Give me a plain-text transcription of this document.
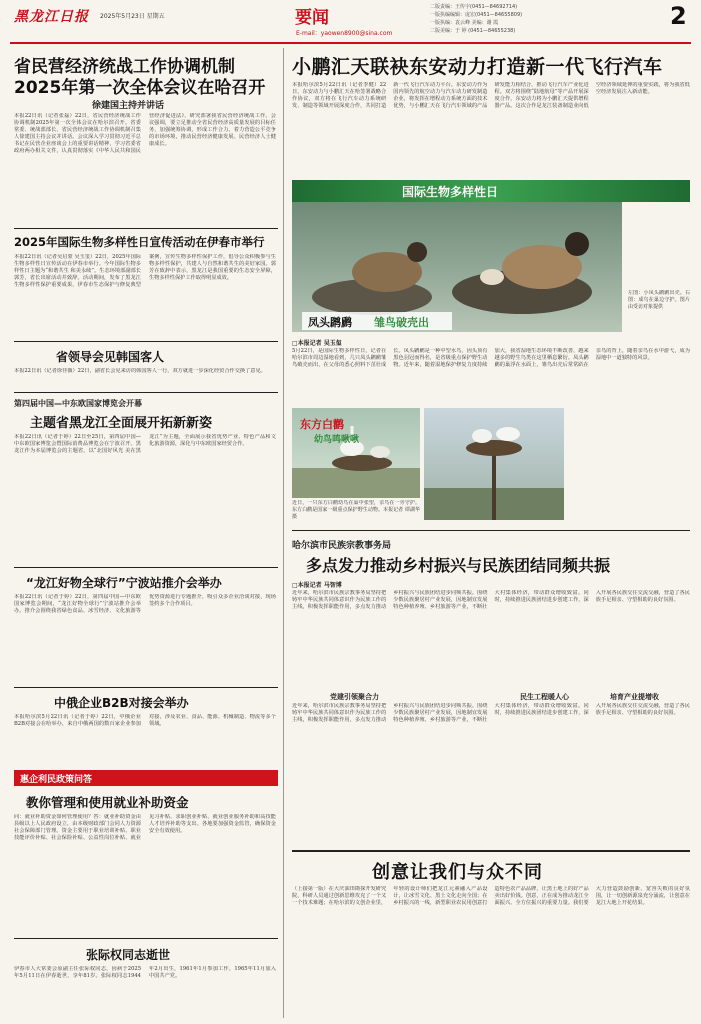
黑龙江日报 2025年5月23日 星期五	要闻
E-mail：yaowen8900@sina.com
二版责编：王传宇(0451—84692714)
一版执编编辑：庞宏(0451—84655809)
一版执编：袁云峰 美编：谢 霞
二版美编：于 婷 (0451—84655238)
2
省民营经济统战工作协调机制
2025年第一次全体会议在哈召开
徐建国主持并讲话
本报22日讯（记者张磊）22日，省民营经济统战工作协调机制2025年第一次全体会议在哈尔滨召开。省委常委、统战部部长、省民营经济统战工作协调机制召集人徐建国主持会议并讲话。会议深入学习贯彻习近平总书记在民营企业座谈会上的重要讲话精神，学习省委省政府两办相关文件，认真贯彻落实《中华人民共和国民营经济促进法》，研究部署我省民营经济统战工作。会议强调，要立足推动全省民营经济高质量发展的目标任务，加强统筹协调，形成工作合力，着力营造公平竞争的市场环境，推动民营经济健康发展、民营经济人士健康成长。
2025年国际生物多样性日宣传活动在伊春市举行
本报22日讯（记者吴启蒙 吴玉玺）22日，2025年国际生物多样性日宣传活动在伊春市举行。今年国际生物多样性日主题为“和谐共生 和美永续”。生态环境部副部长郭芳，省长出席活动并致辞。活动期间，发布了黑龙江生物多样性保护重要成果，伊春市生态保护与修复典型案例，宣传生物多样性保护工作，倡导公众积极参与生物多样性保护，共建人与自然和谐共生的美好家园。郭芳在致辞中表示，黑龙江是我国重要的生态安全屏障，生物多样性保护工作取得明显成效。
省领导会见韩国客人
本报22日讯（记者徐佳薇）22日，副省长会见来访的韩国客人一行，双方就进一步深化经贸合作交换了意见。
第四届中国—中东欧国家博览会开幕
主题省黑龙江全面展开拓新新姿
本报22日讯（记者于婷）22日至25日，第四届中国—中东欧国家博览会暨国际消费品博览会在宁波召开。黑龙江作为本届博览会的主题省，以“北国好风光 美在黑龙江”为主题，全面展示我省优势产业、特色产品和文化旅游资源，深化与中东欧国家经贸合作。
“龙江好物全球行”宁波站推介会举办
本报22日讯（记者于婷）22日，第四届中国—中东欧国家博览会期间，“龙江好物全球行”宁波站推介会举办。推介会围绕我省绿色食品、冰雪经济、文化旅游等优势资源进行专题推介，吸引众多企业洽谈对接，现场签约多个合作项目。
中俄企业B2B对接会举办
本报哈尔滨5月22日讯（记者于婷）22日，中俄企业B2B对接会在哈举办，来自中俄两国的数百家企业参加对接，涉及农业、食品、能源、机械制造、物流等多个领域。
惠企利民政策问答
教你管理和使用就业补助资金
问：就业补助资金如何管理使用？答：就业补助资金由县级以上人民政府设立，由本级财政部门会同人力资源社会保障部门管理。资金主要用于职业培训补贴、职业技能评价补贴、社会保险补贴、公益性岗位补贴、就业见习补贴、求职创业补贴、就业创业服务补助和高技能人才培养补助等支出。各地要加强资金监管，确保资金安全有效使用。
张际权同志逝世
伊春市人大常委会原副主任张际权同志，因病于2025年5月11日在伊春逝世，享年81岁。张际权同志1944年2月出生，1961年1月参加工作，1965年11月加入中国共产党。
小鹏汇天联袂东安动力打造新一代飞行汽车
本报哈尔滨5月22日讯（记者李健）22日，东安动力与小鹏汇天在哈签署战略合作协议，双方将在飞行汽车动力系统研发、制造等领域开展深度合作，共同打造新一代飞行汽车动力平台。东安动力作为国内领先的航空动力与汽车动力研发制造企业，将发挥在增程动力系统方面的技术优势，与小鹏汇天在飞行汽车领域的产品研发能力相结合，推动飞行汽车产业化进程。双方将围绕“陆地航母”等产品开展深度合作，东安动力将为小鹏汇天提供增程器产品。这次合作是龙江装备制造业向低空经济领域延伸的重要实践，将为我省低空经济发展注入新动能。
国际生物多样性日
凤头䴙䴘 雏鸟破壳出
左图：小凤头䴙䴘出壳。右图：成鸟在巢边守护。图片由受访对象提供
□本报记者 吴玉玺
5月22日，是国际生物多样性日，记者在哈尔滨市周边湿地看到，几只凤头䴙䴘雏鸟破壳而出，在父母的悉心照料下茁壮成长。凤头䴙䴘是一种中型水鸟，因头顶有黑色羽冠而得名，是省级重点保护野生动物。近年来，随着湿地保护修复力度持续加大，我省湿地生态环境不断改善，越来越多的野生鸟类在这里栖息繁衍。凤头䴙䴘的巢浮在水面上，雏鸟出壳后常常趴在亲鸟的背上，随着亲鸟在水中游弋，成为湿地中一道独特的风景。
东方白鹳
幼鸟鸣啾啾
近日，一只东方白鹳幼鸟在巢中张望，亲鸟在一旁守护。东方白鹳是国家一级重点保护野生动物。本报记者 谭湖华 摄
哈尔滨市民族宗教事务局
多点发力推动乡村振兴与民族团结同频共振
□本报记者 马智博
近年来，哈尔滨市民族宗教事务局坚持把铸牢中华民族共同体意识作为民族工作的主线，积极发挥职能作用，多点发力推动乡村振兴与民族团结进步同频共振。围绕少数民族聚居村产业发展，因地制宜发展特色种植养殖、乡村旅游等产业，不断壮大村集体经济，带动群众增收致富。同时，持续推进民族团结进步创建工作，深入开展各民族交往交流交融，营造了各民族手足相亲、守望相助的良好氛围。
党建引领聚合力	民生工程暖人心	培育产业提增收
近年来，哈尔滨市民族宗教事务局坚持把铸牢中华民族共同体意识作为民族工作的主线，积极发挥职能作用，多点发力推动乡村振兴与民族团结进步同频共振。围绕少数民族聚居村产业发展，因地制宜发展特色种植养殖、乡村旅游等产业，不断壮大村集体经济，带动群众增收致富。同时，持续推进民族团结进步创建工作，深入开展各民族交往交流交融，营造了各民族手足相亲、守望相助的良好氛围。
创意让我们与众不同
（上接第一版）在大庆油田勘探开发研究院，科研人员通过创新思维攻克了一个又一个技术难题；在哈尔滨的文创企业里，年轻的设计师们把龙江元素融入产品设计，让冰雪文化、黑土文化走向全国；在乡村振兴的一线，新型职业农民用创意打造特色农产品品牌，让黑土地上的好产品卖出好价钱。创意，正在成为推动龙江全面振兴、全方位振兴的重要力量。我们要大力营造鼓励创新、宽容失败的良好氛围，让一切创新源泉充分涌流，让创意在龙江大地上开花结果。
